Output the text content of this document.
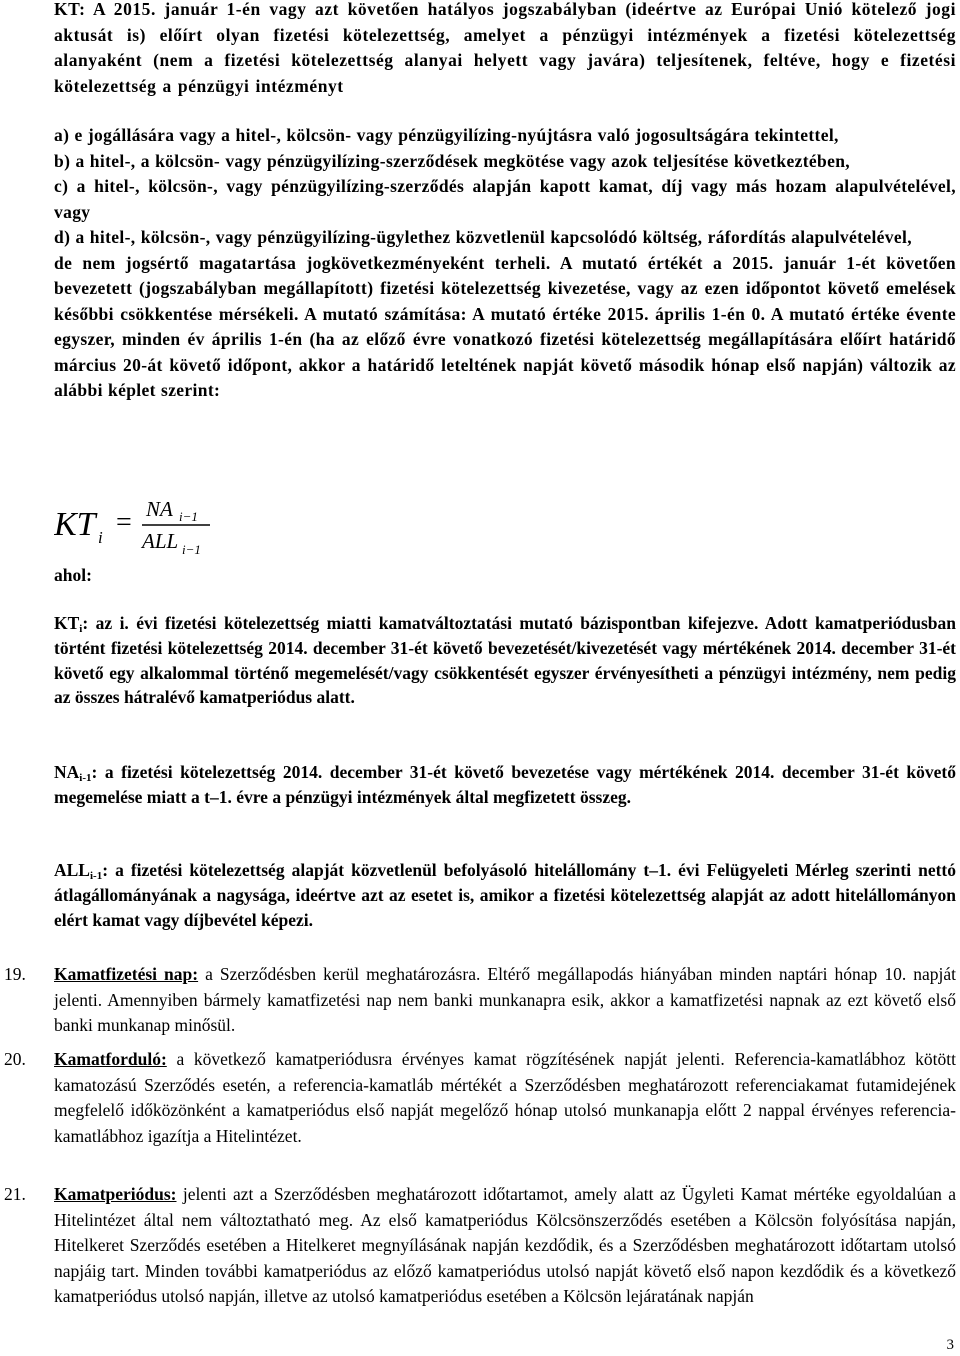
KT: A 2015. január 1-én vagy azt követően hatályos jogszabályban (ideértve az Európai Unió kötelező jogi aktusát is) előírt olyan fizetési kötelezettség, amelyet a pénzügyi intézmények a fizetési kötelezettség alanyaként (nem a fizetési kötelezettség alanyai helyett vagy javára) teljesítenek, feltéve, hogy e fizetési kötelezettség a pénzügyi intézményt

a) e jogállására vagy a hitel-, kölcsön- vagy pénzügyilízing-nyújtásra való jogosultságára tekintettel,

b) a hitel-, a kölcsön- vagy pénzügyilízing-szerződések megkötése vagy azok teljesítése következtében,

c) a hitel-, kölcsön-, vagy pénzügyilízing-szerződés alapján kapott kamat, díj vagy más hozam alapulvételével, vagy

d) a hitel-, kölcsön-, vagy pénzügyilízing-ügylethez közvetlenül kapcsolódó költség, ráfordítás alapulvételével,

de nem jogsértő magatartása jogkövetkezményeként terheli. A mutató értékét a 2015. január 1-ét követően bevezetett (jogszabályban megállapított) fizetési kötelezettség kivezetése, vagy az ezen időpontot követő emelések későbbi csökkentése mérsékeli. A mutató számítása: A mutató értéke 2015. április 1-én 0. A mutató értéke évente egyszer, minden év április 1-én (ha az előző évre vonatkozó fizetési kötelezettség megállapítására előírt határidő március 20-át követő időpont, akkor a határidő leteltének napját követő második hónap első napján) változik az alábbi képlet szerint:

KT i = NA i−1
ALL i−1
ahol:

$KT_i$: az i. évi fizetési kötelezettség miatti kamatváltoztatási mutató bázispontban kifejezve. Adott kamatperiódusban történt fizetési kötelezettség 2014. december 31-ét követő bevezetését/kivezetését vagy mértékének 2014. december 31-ét követő egy alkalommal történő megemelését/vagy csökkentését egyszer érvényesítheti a pénzügyi intézmény, nem pedig az összes hátralévő kamatperiódus alatt.

$NA_{i-1}$: a fizetési kötelezettség 2014. december 31-ét követő bevezetése vagy mértékének 2014. december 31-ét követő megemelése miatt a t–1. évre a pénzügyi intézmények által megfizetett összeg.

$ALL_{i-1}$: a fizetési kötelezettség alapját közvetlenül befolyásoló hitelállomány t–1. évi Felügyeleti Mérleg szerinti nettó átlagállományának a nagysága, ideértve azt az esetet is, amikor a fizetési kötelezettség alapját az adott hitelállományon elért kamat vagy díjbevétel képezi.

19. Kamatfizetési nap: a Szerződésben kerül meghatározásra. Eltérő megállapodás hiányában minden naptári hónap 10. napját jelenti. Amennyiben bármely kamatfizetési nap nem banki munkanapra esik, akkor a kamatfizetési napnak az ezt követő első banki munkanap minősül.

20. Kamatforduló: a következő kamatperiódusra érvényes kamat rögzítésének napját jelenti. Referencia-kamatlábhoz kötött kamatozású Szerződés esetén, a referencia-kamatláb mértékét a Szerződésben meghatározott referenciakamat futamidejének megfelelő időközönként a kamatperiódus első napját megelőző hónap utolsó munkanapja előtt 2 nappal érvényes referencia-kamatlábhoz igazítja a Hitelintézet.

21. Kamatperiódus: jelenti azt a Szerződésben meghatározott időtartamot, amely alatt az Ügyleti Kamat mértéke egyoldalúan a Hitelintézet által nem változtatható meg. Az első kamatperiódus Kölcsönszerződés esetében a Kölcsön folyósítása napján, Hitelkeret Szerződés esetében a Hitelkeret megnyílásának napján kezdődik, és a Szerződésben meghatározott időtartam utolsó napjáig tart. Minden további kamatperiódus az előző kamatperiódus utolsó napját követő első napon kezdődik és a következő kamatperiódus utolsó napján, illetve az utolsó kamatperiódus esetében a Kölcsön lejáratának napján

3
